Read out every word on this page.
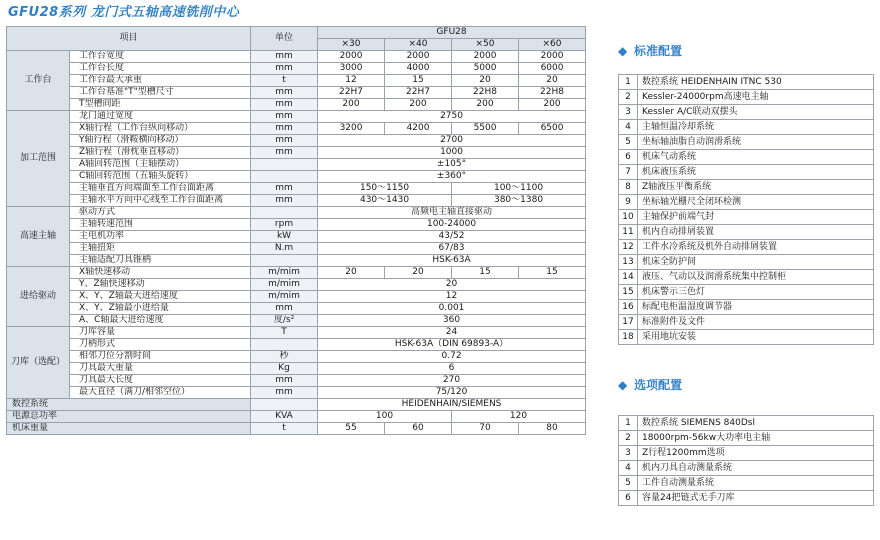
GFU28系列 龙门式五轴高速铣削中心
项目		单位	GFU28			
			×30	×40	×50	×60
工作台	工作台宽度	mm	2000	2000	2000	2000
	工作台长度	mm	3000	4000	5000	6000
	工作台最大承重	t	12	15	20	20
	工作台基准"T"型槽尺寸	mm	22H7	22H7	22H8	22H8
	T型槽间距	mm	200	200	200	200
加工范围	龙门通过宽度	mm	2750			
	X轴行程（工作台纵向移动）	mm	3200	4200	5500	6500
	Y轴行程（滑鞍横向移动）	mm	2700			
	Z轴行程（滑枕垂直移动）	mm	1000			
	A轴回转范围（主轴摆动）		±105°			
	C轴回转范围（五轴头旋转）		±360°			
	主轴垂直方向端面至工作台面距离	mm	150～1150		100～1100	
	主轴水平方向中心线至工作台面距离	mm	430～1430		380～1380	
高速主轴	驱动方式		高频电主轴直接驱动			
	主轴转速范围	rpm	100-24000			
	主电机功率	kW	43/52			
	主轴扭矩	N.m	67/83			
	主轴适配刀具锥柄		HSK-63A			
进给驱动	X轴快速移动	m/mim	20	20	15	15
	Y、Z轴快速移动	m/mim	20			
	X、Y、Z轴最大进给速度	m/mim	12			
	X、Y、Z轴最小进给量	mm	0.001			
	A、C轴最大进给速度	度/s²	360			
刀库（选配）	刀库容量	T	24			
	刀柄形式		HSK-63A（DIN 69893-A）			
	相邻刀位分割时间	秒	0.72			
	刀具最大重量	Kg	6			
	刀具最大长度	mm	270			
	最大直径（满刀/相邻空位）	mm	75/120			
数控系统			HEIDENHAIN/SIEMENS			
电源总功率		KVA	100		120	
机床重量		t	55	60	70	80
◆ 标准配置
1	数控系统 HEIDENHAIN ITNC 530
2	Kessler-24000rpm高速电主轴
3	Kessler A/C联动双摆头
4	主轴恒温冷却系统
5	坐标轴油脂自动润滑系统
6	机床气动系统
7	机床液压系统
8	Z轴液压平衡系统
9	坐标轴光栅尺全闭环检测
10	主轴保护前端气封
11	机内自动排屑装置
12	工件水冷系统及机外自动排屑装置
13	机床全防护间
14	液压、气动以及润滑系统集中控制柜
15	机床警示三色灯
16	标配电柜温湿度调节器
17	标准附件及文件
18	采用地坑安装
◆ 选项配置
1	数控系统 SIEMENS 840Dsl
2	18000rpm-56kw大功率电主轴
3	Z行程1200mm选项
4	机内刀具自动测量系统
5	工件自动测量系统
6	容量24把链式无手刀库
